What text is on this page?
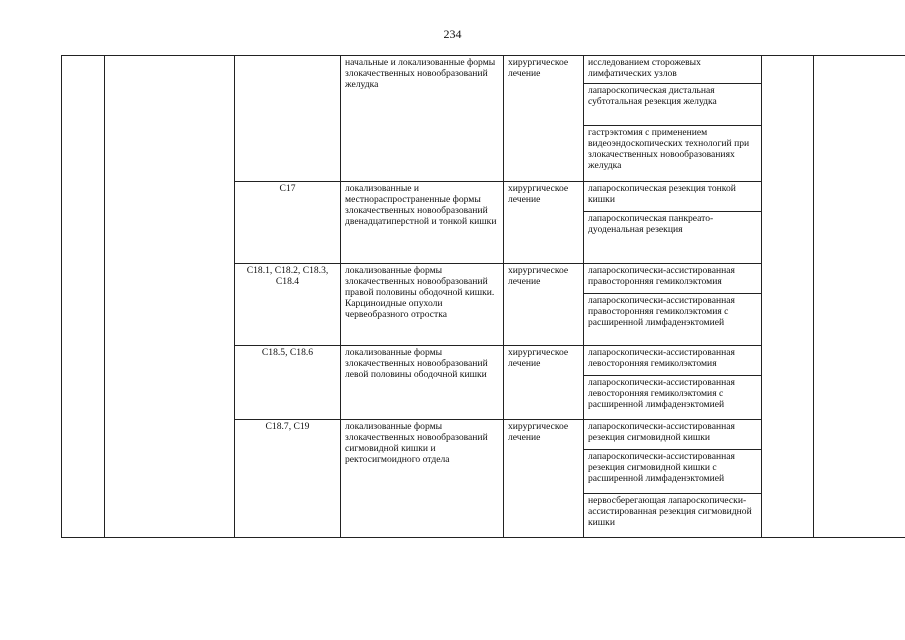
234
			начальные и локализованные формы злокачественных новообразований желудка	хирургическое лечение	исследованием сторожевых лимфатических узлов		
					лапароскопическая дистальная субтотальная резекция желудка		
					гастрэктомия с применением видеоэндоскопических технологий при злокачественных новообразованиях желудка		
		C17	локализованные и местнораспространенные формы злокачественных новообразований двенадцатиперстной и тонкой кишки	хирургическое лечение	лапароскопическая резекция тонкой кишки		
					лапароскопическая панкреато-дуоденальная резекция		
		C18.1, C18.2, C18.3, C18.4	локализованные формы злокачественных новообразований правой половины ободочной кишки. Карциноидные опухоли червеобразного отростка	хирургическое лечение	лапароскопически-ассистированная правосторонняя гемиколэктомия		
					лапароскопически-ассистированная правосторонняя гемиколэктомия с расширенной лимфаденэктомией		
		C18.5, C18.6	локализованные формы злокачественных новообразований левой половины ободочной кишки	хирургическое лечение	лапароскопически-ассистированная левосторонняя гемиколэктомия		
					лапароскопически-ассистированная левосторонняя гемиколэктомия с расширенной лимфаденэктомией		
		C18.7, C19	локализованные формы злокачественных новообразований сигмовидной кишки и ректосигмоидного отдела	хирургическое лечение	лапароскопически-ассистированная резекция сигмовидной кишки		
					лапароскопически-ассистированная резекция сигмовидной кишки с расширенной лимфаденэктомией		
					нервосберегающая лапароскопически-ассистированная резекция сигмовидной кишки		
